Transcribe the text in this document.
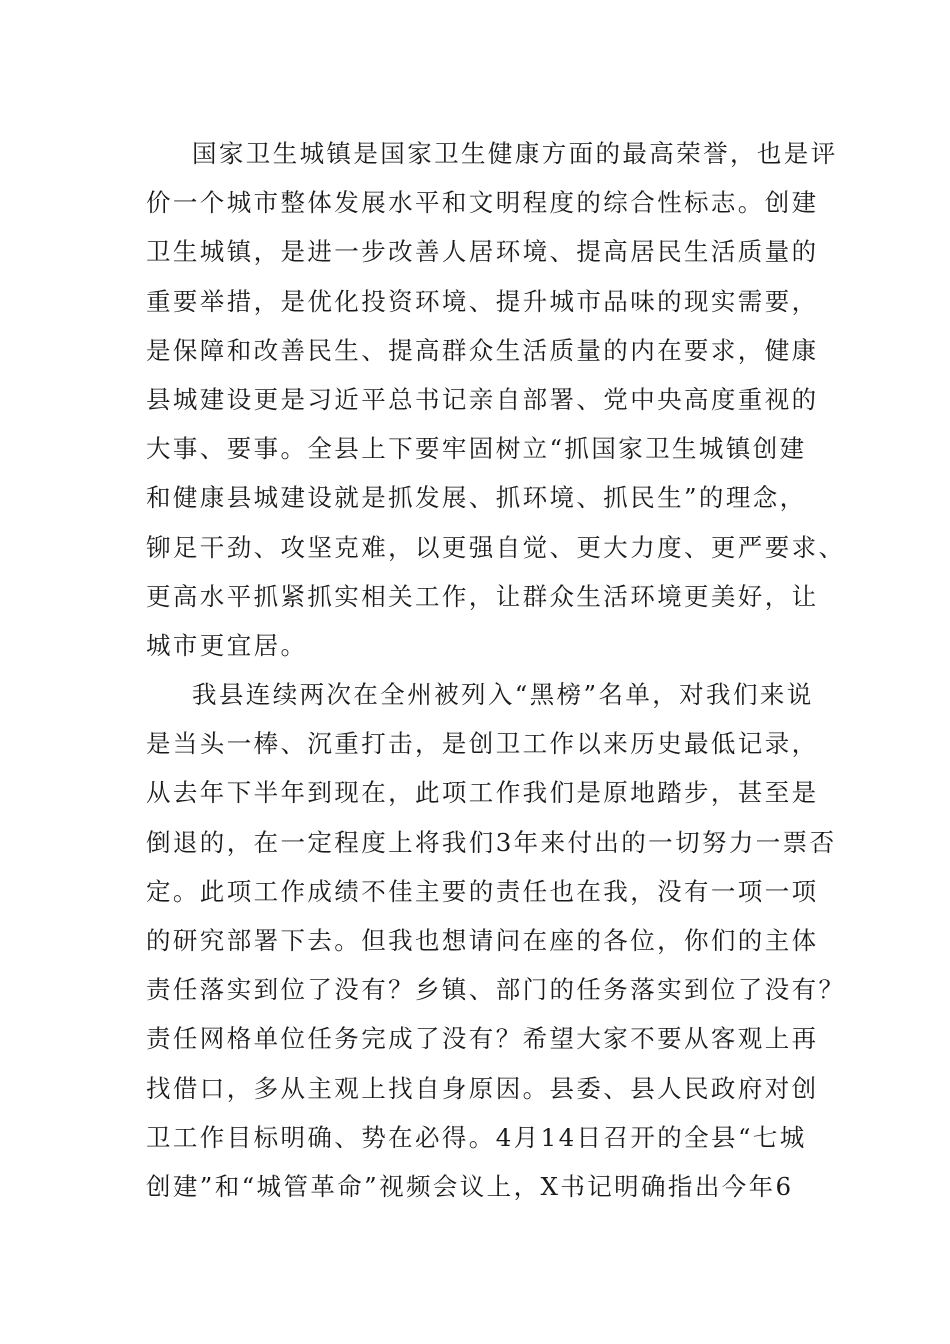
国家卫生城镇是国家卫生健康方面的最高荣誉，也是评
价一个城市整体发展水平和文明程度的综合性标志。创建
卫生城镇，是进一步改善人居环境、提高居民生活质量的
重要举措，是优化投资环境、提升城市品味的现实需要，
是保障和改善民生、提高群众生活质量的内在要求，健康
县城建设更是习近平总书记亲自部署、党中央高度重视的
大事、要事。全县上下要牢固树立“抓国家卫生城镇创建
和健康县城建设就是抓发展、抓环境、抓民生”的理念，
铆足干劲、攻坚克难，以更强自觉、更大力度、更严要求、
更高水平抓紧抓实相关工作，让群众生活环境更美好，让
城市更宜居。
我县连续两次在全州被列入“黑榜”名单，对我们来说
是当头一棒、沉重打击，是创卫工作以来历史最低记录，
从去年下半年到现在，此项工作我们是原地踏步，甚至是
倒退的，在一定程度上将我们3年来付出的一切努力一票否
定。此项工作成绩不佳主要的责任也在我，没有一项一项
的研究部署下去。但我也想请问在座的各位，你们的主体
责任落实到位了没有？乡镇、部门的任务落实到位了没有？
责任网格单位任务完成了没有？希望大家不要从客观上再
找借口，多从主观上找自身原因。县委、县人民政府对创
卫工作目标明确、势在必得。4月14日召开的全县“七城
创建”和“城管革命”视频会议上，X书记明确指出今年6
